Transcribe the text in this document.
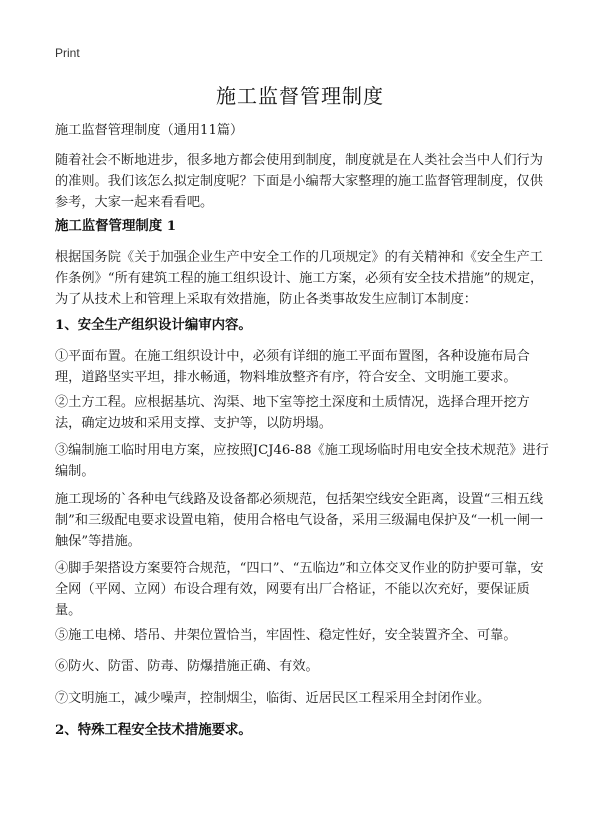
Print
施工监督管理制度
施工监督管理制度（通用11篇）
随着社会不断地进步，很多地方都会使用到制度，制度就是在人类社会当中人们行为的准则。我们该怎么拟定制度呢？下面是小编帮大家整理的施工监督管理制度，仅供参考，大家一起来看看吧。
施工监督管理制度 1
根据国务院《关于加强企业生产中安全工作的几项规定》的有关精神和《安全生产工作条例》“所有建筑工程的施工组织设计、施工方案，必须有安全技术措施”的规定，为了从技术上和管理上采取有效措施，防止各类事故发生应制订本制度：
1、安全生产组织设计编审内容。
①平面布置。在施工组织设计中，必须有详细的施工平面布置图，各种设施布局合理，道路坚实平坦，排水畅通，物料堆放整齐有序，符合安全、文明施工要求。
②土方工程。应根据基坑、沟渠、地下室等挖土深度和土质情况，选择合理开挖方法，确定边坡和采用支撑、支护等，以防坍塌。
③编制施工临时用电方案，应按照JCJ46-88《施工现场临时用电安全技术规范》进行编制。
施工现场的`各种电气线路及设备都必须规范，包括架空线安全距离，设置“三相五线制”和三级配电要求设置电箱，使用合格电气设备，采用三级漏电保护及“一机一闸一触保”等措施。
④脚手架搭设方案要符合规范，“四口”、“五临边”和立体交叉作业的防护要可靠，安全网（平网、立网）布设合理有效，网要有出厂合格证，不能以次充好，要保证质量。
⑤施工电梯、塔吊、井架位置恰当，牢固性、稳定性好，安全装置齐全、可靠。
⑥防火、防雷、防毒、防爆措施正确、有效。
⑦文明施工，减少噪声，控制烟尘，临街、近居民区工程采用全封闭作业。
2、特殊工程安全技术措施要求。
